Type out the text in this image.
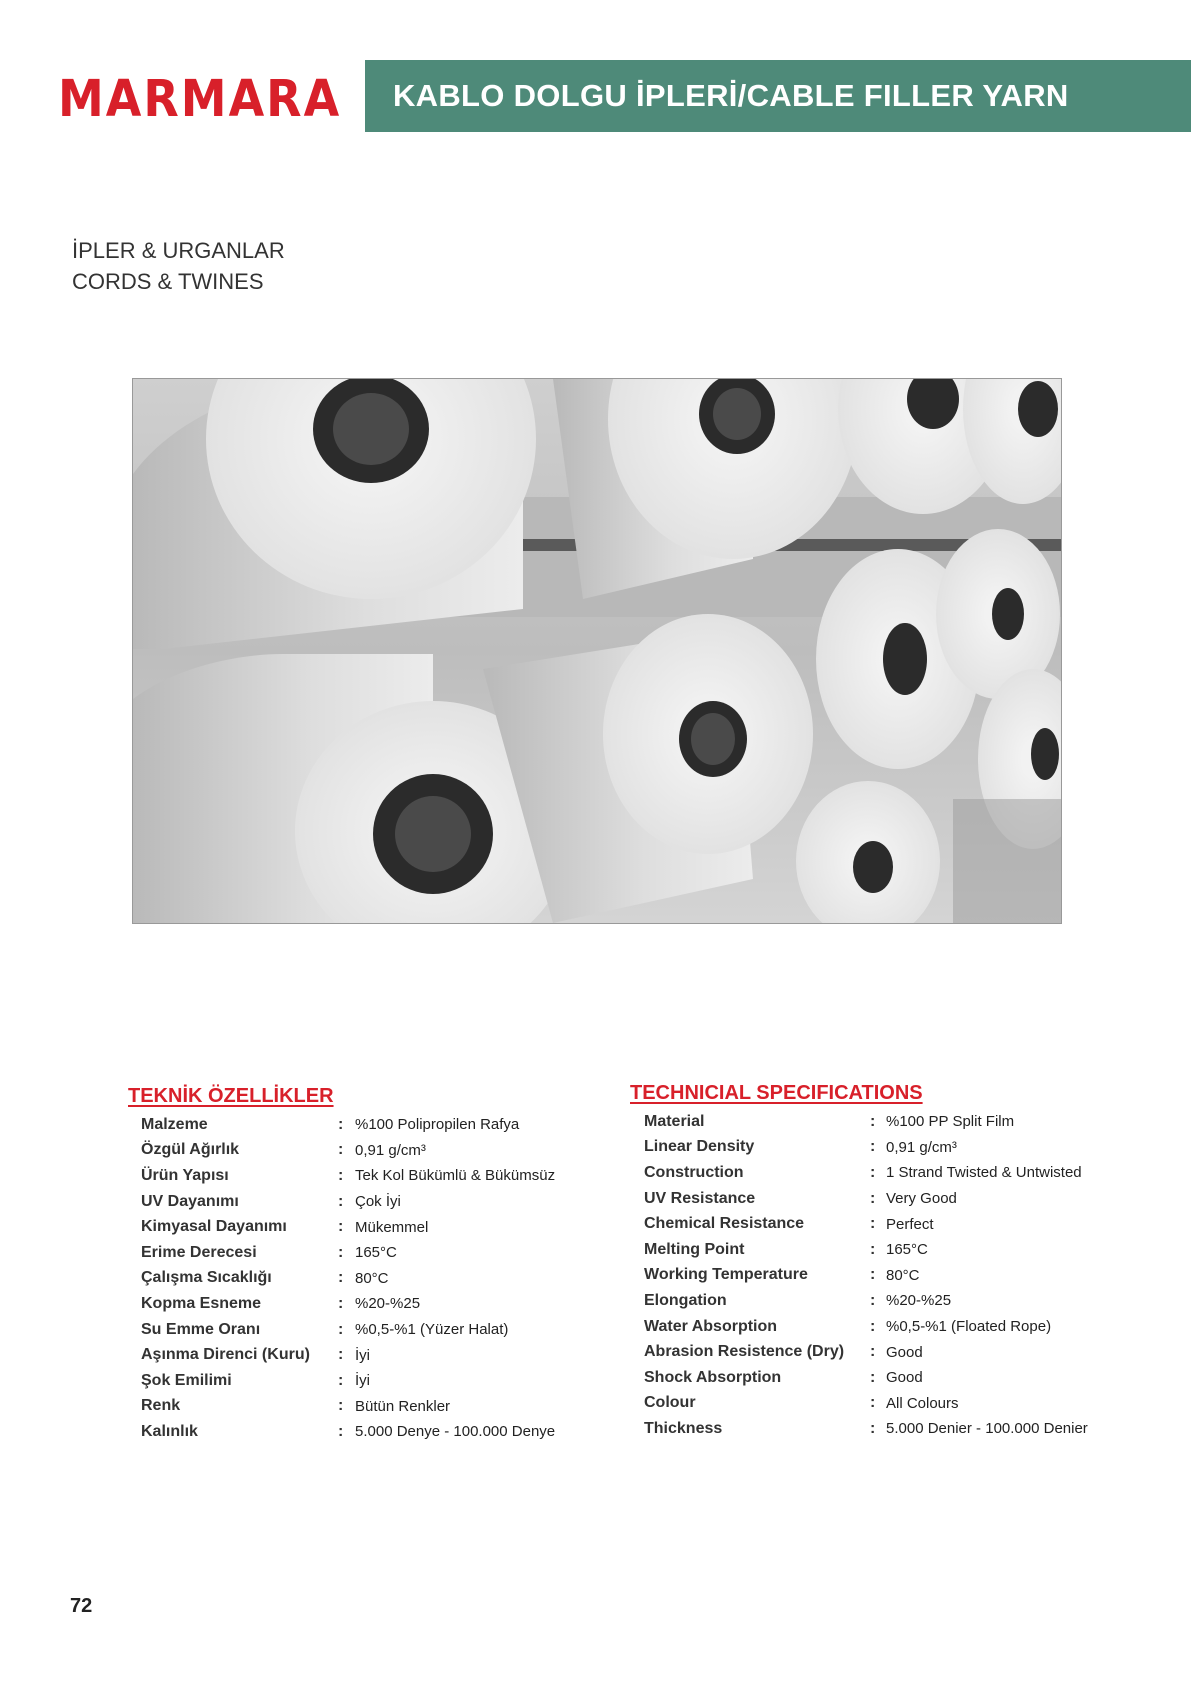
MARMARA KABLO DOLGU İPLERİ/CABLE FILLER YARN
İPLER & URGANLAR
CORDS & TWINES
TEKNİK ÖZELLİKLER
Malzeme	: %100 Polipropilen Rafya
Özgül Ağırlık	: 0,91 g/cm³
Ürün Yapısı	: Tek Kol Bükümlü & Bükümsüz
UV Dayanımı	: Çok İyi
Kimyasal Dayanımı	: Mükemmel
Erime Derecesi	: 165°C
Çalışma Sıcaklığı	: 80°C
Kopma Esneme	: %20-%25
Su Emme Oranı	: %0,5-%1 (Yüzer Halat)
Aşınma Direnci (Kuru)	: İyi
Şok Emilimi	: İyi
Renk	: Bütün Renkler
Kalınlık	: 5.000 Denye - 100.000 Denye
TECHNICIAL SPECIFICATIONS
Material	: %100 PP Split Film
Linear Density	: 0,91 g/cm³
Construction	: 1 Strand Twisted & Untwisted
UV Resistance	: Very Good
Chemical Resistance	: Perfect
Melting Point	: 165°C
Working Temperature	: 80°C
Elongation	: %20-%25
Water Absorption	: %0,5-%1 (Floated Rope)
Abrasion Resistence (Dry)	: Good
Shock Absorption	: Good
Colour	: All Colours
Thickness	: 5.000 Denier - 100.000 Denier
72
